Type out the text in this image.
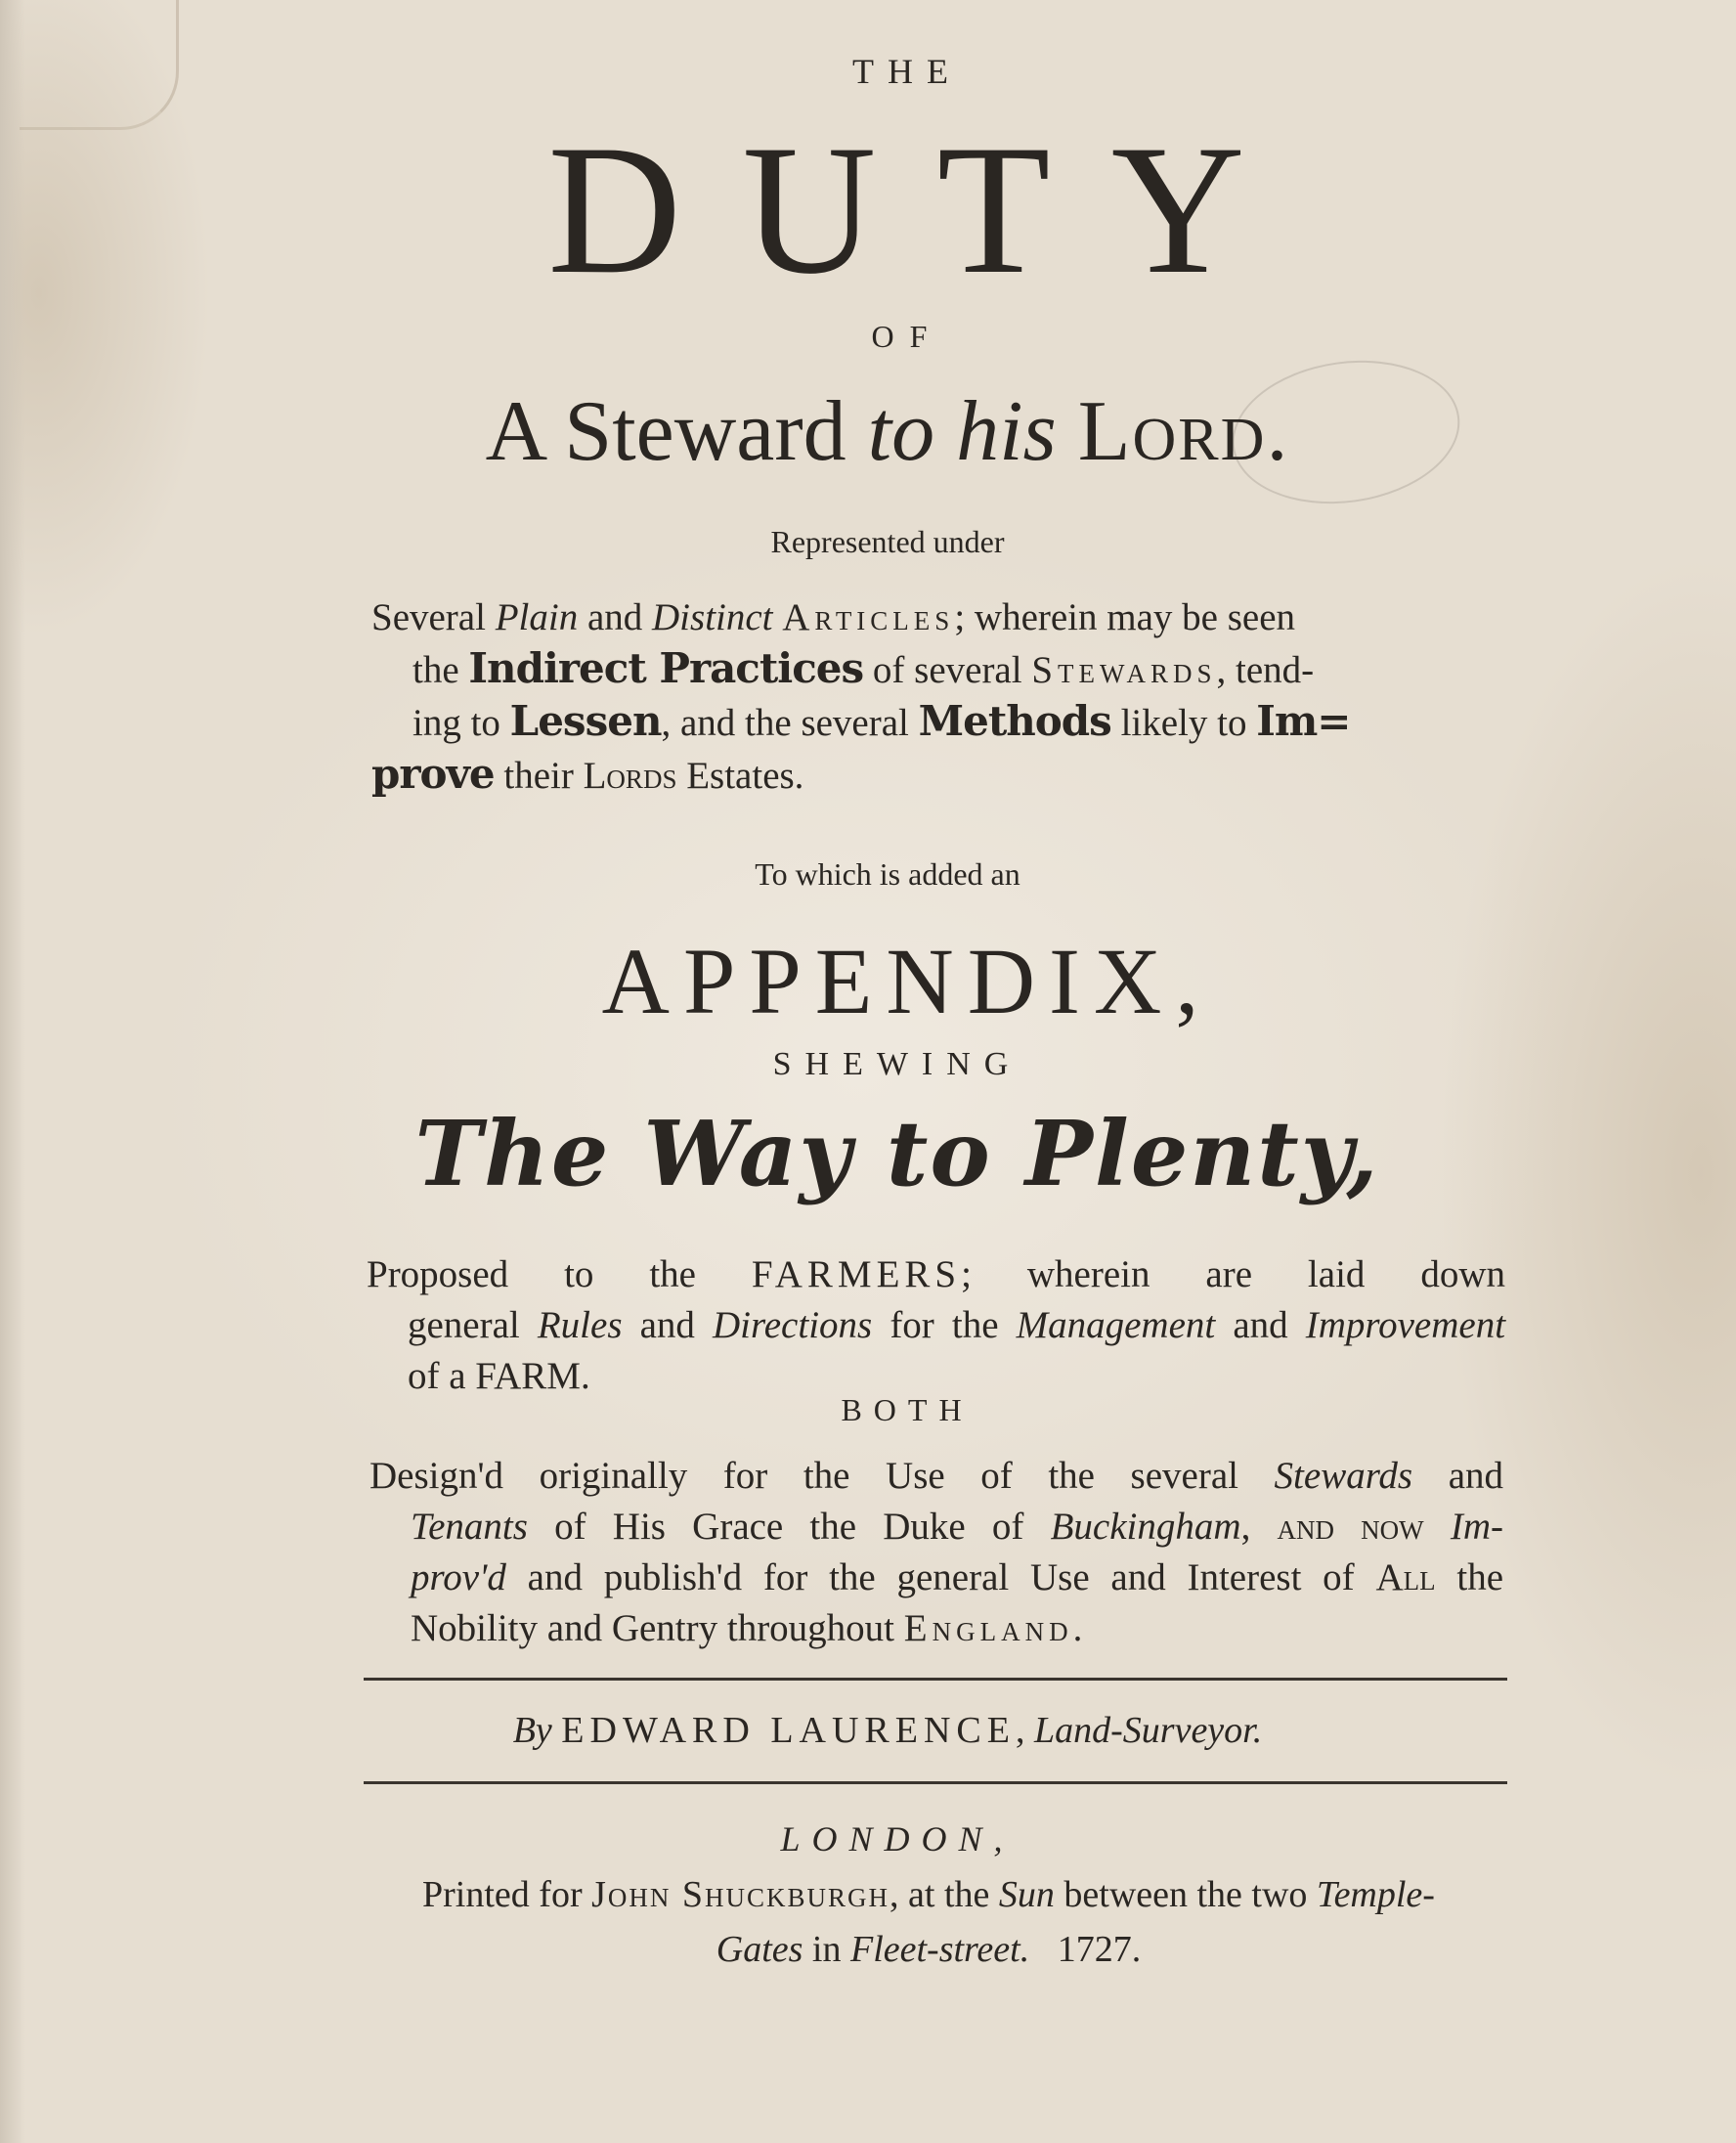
THE
DUTY
OF
A Steward to his Lord.
Represented under
Several Plain and Distinct Articles; wherein may be seen
the Indirect Practices of several Stewards, tend-
ing to Lessen, and the several Methods likely to Im=
prove their Lords Estates.
To which is added an
APPENDIX,
SHEWING
The Way to Plenty,
Proposed to the FARMERS; wherein are laid down
general Rules and Directions for the Management and Improvement
of a FARM.
BOTH
Design'd originally for the Use of the several Stewards and
Tenants of His Grace the Duke of Buckingham, and now Im-
prov'd and publish'd for the general Use and Interest of All the
Nobility and Gentry throughout England.
By EDWARD LAURENCE, Land-Surveyor.
LONDON,
Printed for John Shuckburgh, at the Sun between the two Temple-
Gates in Fleet-street. 1727.
